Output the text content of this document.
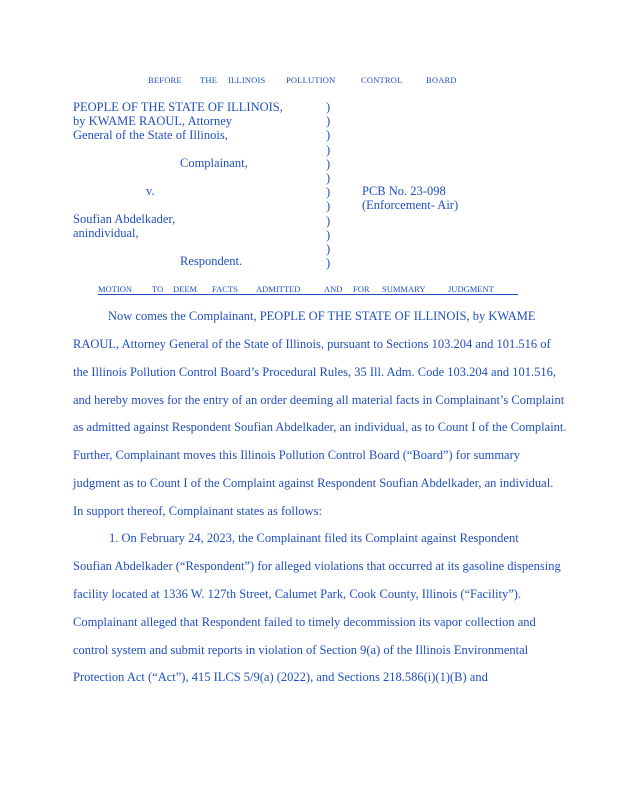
BEFORE THE ILLINOIS POLLUTION	CONTROL	BOARD
PEOPLE OF THE STATE OF ILLINOIS,
by KWAME RAOUL, Attorney
General of the State of Illinois,
Complainant,
v.	PCB No. 23-098
(Enforcement- Air)
Soufian Abdelkader,
anindividual,
Respondent.
)
)
)
)
)
)
)
)
)
)
)
)
MOTION TO DEEM FACTS ADMITTED	AND FOR SUMMARY	JUDGMENT
Now comes the Complainant, PEOPLE OF THE STATE OF ILLINOIS, by KWAME
RAOUL, Attorney General of the State of Illinois, pursuant to Sections 103.204 and 101.516 of
the Illinois Pollution Control Board’s Procedural Rules, 35 Ill. Adm. Code 103.204 and 101.516,
and hereby moves for the entry of an order deeming all material facts in Complainant’s Complaint
as admitted against Respondent Soufian Abdelkader, an individual, as to Count I of the Complaint.
Further, Complainant moves this Illinois Pollution Control Board (“Board”) for summary
judgment as to Count I of the Complaint against Respondent Soufian Abdelkader, an individual.
In support thereof, Complainant states as follows:
1. On February 24, 2023, the Complainant filed its Complaint against Respondent
Soufian Abdelkader (“Respondent”) for alleged violations that occurred at its gasoline dispensing
facility located at 1336 W. 127th Street, Calumet Park, Cook County, Illinois (“Facility”).
Complainant alleged that Respondent failed to timely decommission its vapor collection and
control system and submit reports in violation of Section 9(a) of the Illinois Environmental
Protection Act (“Act”), 415 ILCS 5/9(a) (2022), and Sections 218.586(i)(1)(B) and
